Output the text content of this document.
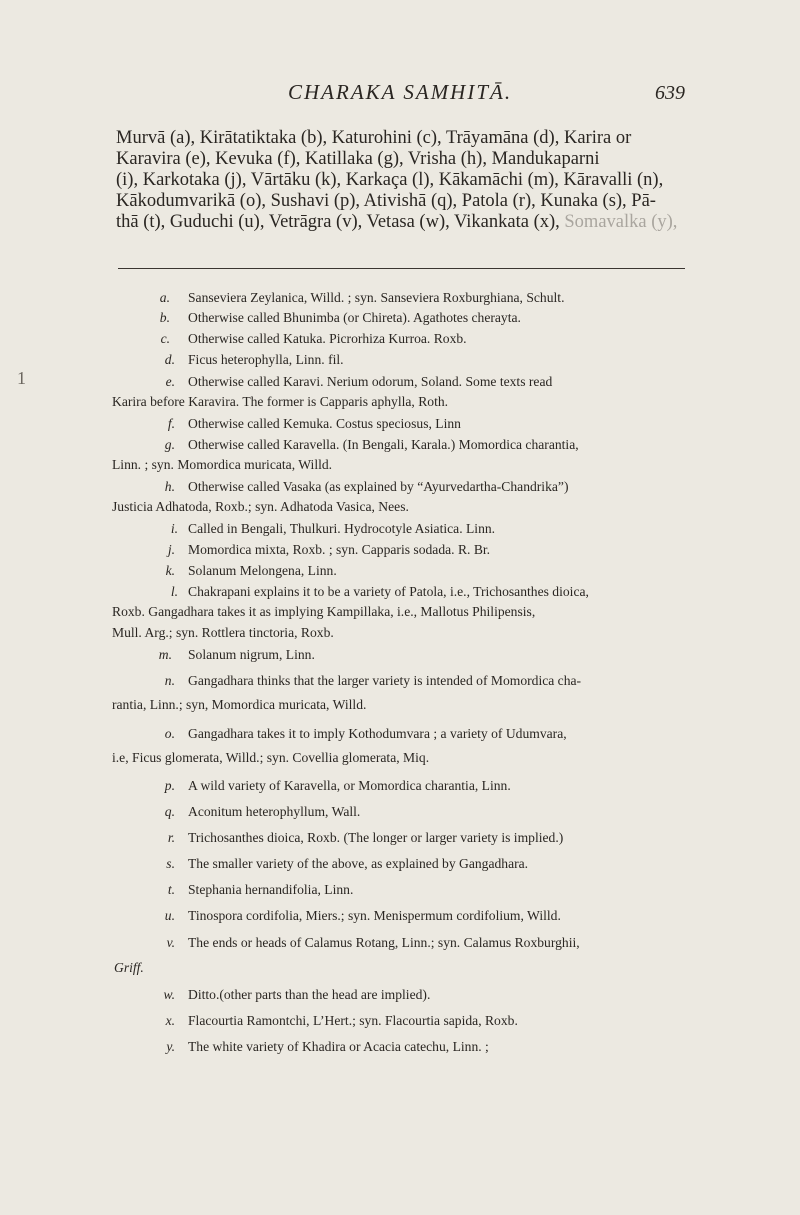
CHARAKA SAMHITĀ.	639
Murvā (a), Kirātatiktaka (b), Katurohini (c), Trāyamāna (d), Karira or
Karavira (e), Kevuka (f), Katillaka (g), Vrisha (h), Mandukaparni
(i), Karkotaka (j), Vārtāku (k), Karkaça (l), Kākamāchi (m), Kāravalli (n),
Kākodumvarikā (o), Sushavi (p), Ativishā (q), Patola (r), Kunaka (s), Pā-
thā (t), Guduchi (u), Vetrāgra (v), Vetasa (w), Vikankata (x), Somavalka (y),
1
a. Sanseviera Zeylanica, Willd. ; syn. Sanseviera Roxburghiana, Schult.
b. Otherwise called Bhunimba (or Chireta). Agathotes cherayta.
c. Otherwise called Katuka. Picrorhiza Kurroa. Roxb.
d. Ficus heterophylla, Linn. fil.
e. Otherwise called Karavi. Nerium odorum, Soland. Some texts read
Karira before Karavira. The former is Capparis aphylla, Roth.
f. Otherwise called Kemuka. Costus speciosus, Linn
g. Otherwise called Karavella. (In Bengali, Karala.) Momordica charantia,
Linn. ; syn. Momordica muricata, Willd.
h. Otherwise called Vasaka (as explained by “Ayurvedartha-Chandrika”)
Justicia Adhatoda, Roxb.; syn. Adhatoda Vasica, Nees.
i. Called in Bengali, Thulkuri. Hydrocotyle Asiatica. Linn.
j. Momordica mixta, Roxb. ; syn. Capparis sodada. R. Br.
k. Solanum Melongena, Linn.
l. Chakrapani explains it to be a variety of Patola, i.e., Trichosanthes dioica,
Roxb. Gangadhara takes it as implying Kampillaka, i.e., Mallotus Philipensis,
Mull. Arg.; syn. Rottlera tinctoria, Roxb.
m. Solanum nigrum, Linn.
n. Gangadhara thinks that the larger variety is intended of Momordica cha-
rantia, Linn.; syn, Momordica muricata, Willd.
o. Gangadhara takes it to imply Kothodumvara ; a variety of Udumvara,
i.e, Ficus glomerata, Willd.; syn. Covellia glomerata, Miq.
p. A wild variety of Karavella, or Momordica charantia, Linn.
q. Aconitum heterophyllum, Wall.
r. Trichosanthes dioica, Roxb. (The longer or larger variety is implied.)
s. The smaller variety of the above, as explained by Gangadhara.
t. Stephania hernandifolia, Linn.
u. Tinospora cordifolia, Miers.; syn. Menispermum cordifolium, Willd.
v. The ends or heads of Calamus Rotang, Linn.; syn. Calamus Roxburghii,
Griff.
w. Ditto.(other parts than the head are implied).
x. Flacourtia Ramontchi, L’Hert.; syn. Flacourtia sapida, Roxb.
y. The white variety of Khadira or Acacia catechu, Linn. ;
